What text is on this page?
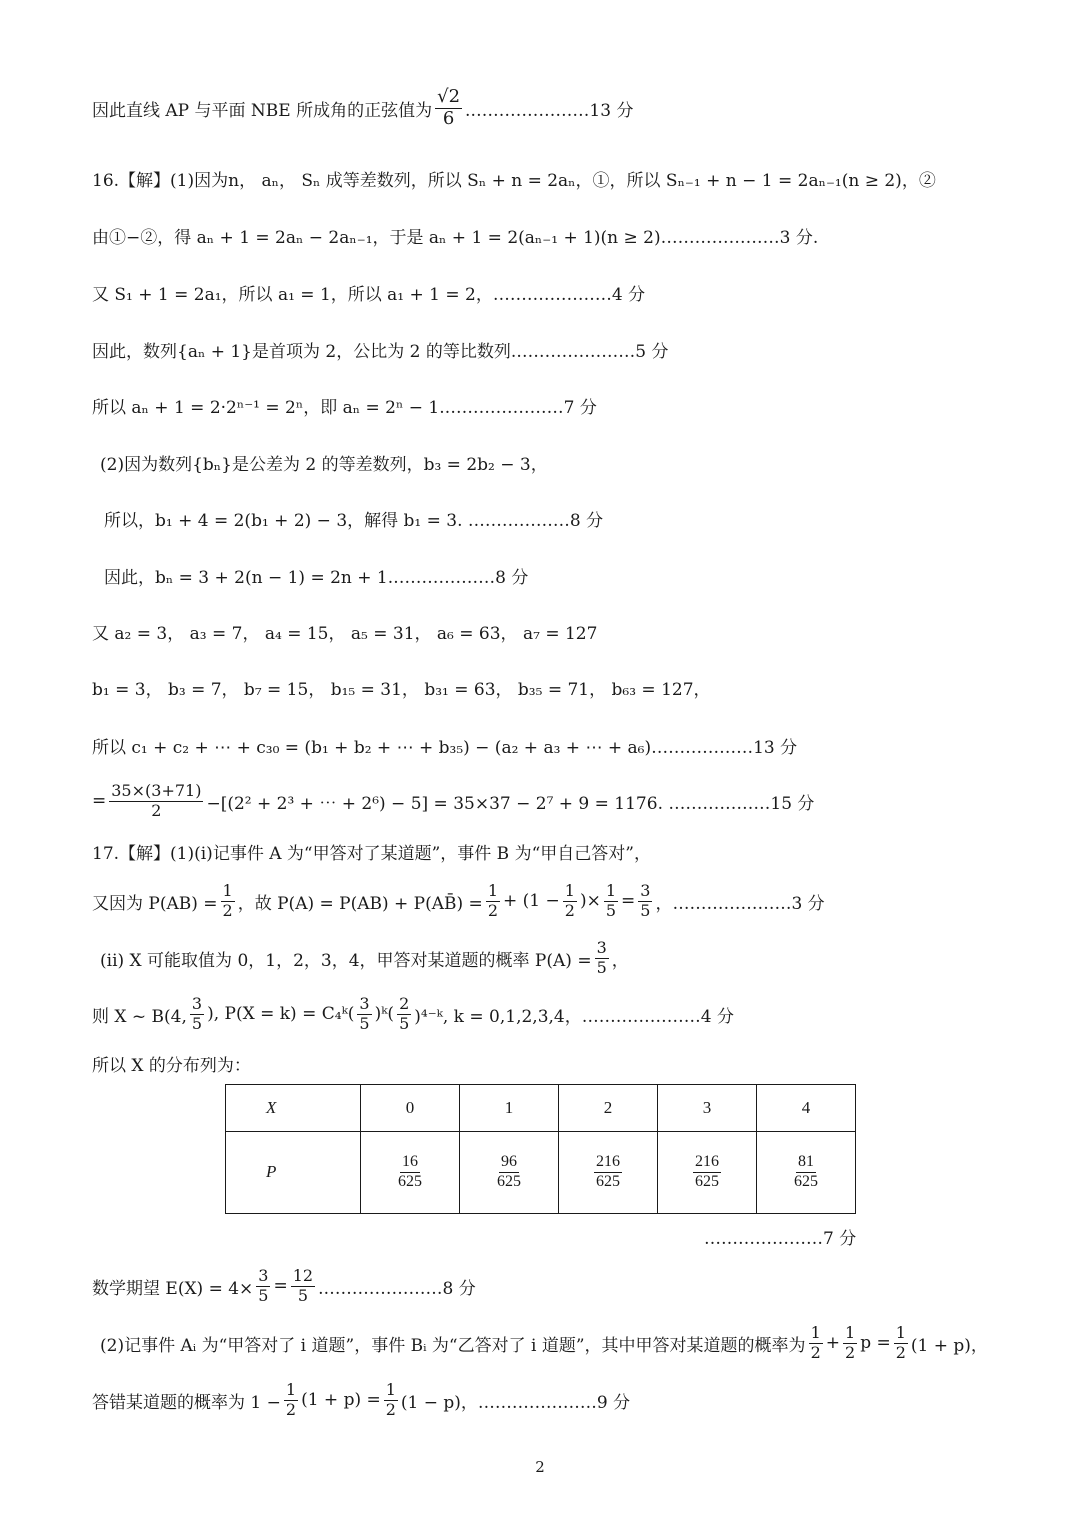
因此直线 AP 与平面 NBE 所成角的正弦值为 $\frac{√2}{6}$ .…………………13 分
16.【解】(1)因为n， aₙ， Sₙ 成等差数列，所以 Sₙ + n = 2aₙ，①，所以 Sₙ₋₁ + n − 1 = 2aₙ₋₁(n ≥ 2)，②
由①−②，得 aₙ + 1 = 2aₙ − 2aₙ₋₁，于是 aₙ + 1 = 2(aₙ₋₁ + 1)(n ≥ 2)…………………3 分.
又 S₁ + 1 = 2a₁，所以 a₁ = 1，所以 a₁ + 1 = 2，…………………4 分
因此，数列{aₙ + 1}是首项为 2，公比为 2 的等比数列.…………………5 分
所以 aₙ + 1 = 2·2ⁿ⁻¹ = 2ⁿ，即 aₙ = 2ⁿ − 1.…………………7 分
(2)因为数列{bₙ}是公差为 2 的等差数列，b₃ = 2b₂ − 3，
所以，b₁ + 4 = 2(b₁ + 2) − 3，解得 b₁ = 3. ………………8 分
因此，bₙ = 3 + 2(n − 1) = 2n + 1.………………8 分
又 a₂ = 3， a₃ = 7， a₄ = 15， a₅ = 31， a₆ = 63， a₇ = 127
b₁ = 3， b₃ = 7， b₇ = 15， b₁₅ = 31， b₃₁ = 63， b₃₅ = 71， b₆₃ = 127，
所以 c₁ + c₂ + ⋯ + c₃₀ = (b₁ + b₂ + ⋯ + b₃₅) − (a₂ + a₃ + ⋯ + a₆)………………13 分
= $\frac{35\times(3+71)}{2} -[(2^2 + 2^3$ + ⋯ + 2⁶) − 5] = 35×37 − 2⁷ + 9 = 1176. ………………15 分
17.【解】(1)(i)记事件 A 为“甲答对了某道题”，事件 B 为“甲自己答对”，
又因为 $P(AB) = \frac{1}{2}$ ，故 P(A) = P(AB) + P(AB̄) = $\frac{1}{2} + (1 - \frac{1}{2}$ )× $\frac{1}{5} = \frac{3}{5}$ ，…………………3 分
(ii) X 可能取值为 0，1，2，3，4，甲答对某道题的概率 $P(A) = \frac{3}{5}$ ，
则 X ~ B(4, $\frac{3}{5}$ ), P(X = k) = C₄ᵏ( $\frac{3}{5}$ )ᵏ( $\frac{2}{5}$ )⁴⁻ᵏ, k = 0,1,2,3,4，…………………4 分
所以 X 的分布列为：
X	0	1	2	3	4
P	$\frac{16}{625}$	$\frac{96}{625}$	$\frac{216}{625}$	$\frac{216}{625}$	$\frac{81}{625}$
…………………7 分
数学期望 $E(X) = 4\times \frac{3}{5} = \frac{12}{5}$ .…………………8 分
(2)记事件 Aᵢ 为“甲答对了 i 道题”，事件 Bᵢ 为“乙答对了 i 道题”，其中甲答对某道题的概率为 $\frac{1}{2} + \frac{1}{2}$ $p = \frac{1}{2} (1 + p)$，
答错某道题的概率为 $1 - \frac{1}{2} (1 + p) = \frac{1}{2} (1 - p)$，…………………9 分
2
